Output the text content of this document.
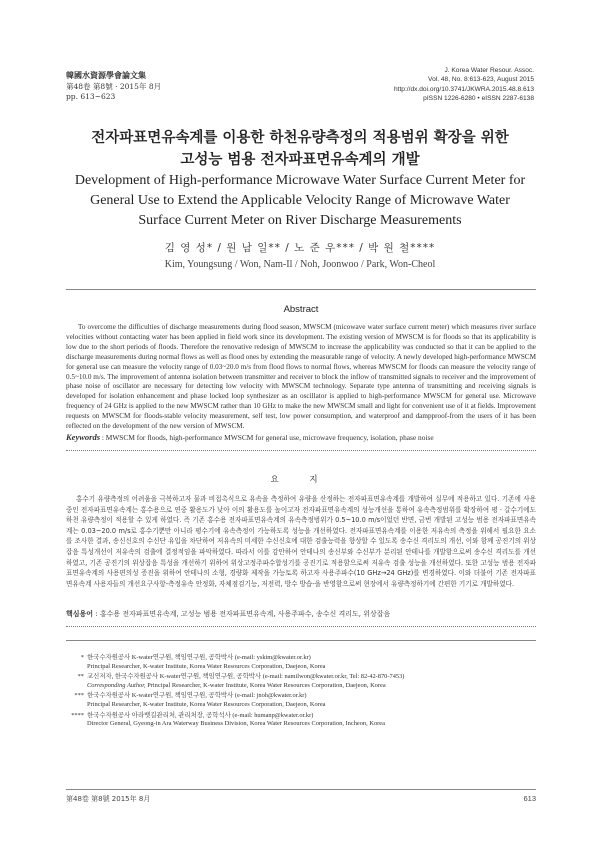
韓國水資源學會論文集
第48卷 第8號 · 2015年 8月
pp. 613~623
J. Korea Water Resour. Assoc.
Vol. 48, No. 8:613-623, August 2015
http://dx.doi.org/10.3741/JKWRA.2015.48.8.613
pISSN 1226-6280 • eISSN 2287-6138
전자파표면유속계를 이용한 하천유량측정의 적용범위 확장을 위한
고성능 범용 전자파표면유속계의 개발
Development of High-performance Microwave Water Surface Current Meter for
General Use to Extend the Applicable Velocity Range of Microwave Water
Surface Current Meter on River Discharge Measurements
김 영 성* / 원 남 일** / 노 준 우*** / 박 원 철****
Kim, Youngsung / Won, Nam-Il / Noh, Joonwoo / Park, Won-Cheol
Abstract

To overcome the difficulties of discharge measurements during flood season, MWSCM (micowave water surface current meter) which measures river surface velocities without contacting water has been applied in field work since its development. The existing version of MWSCM is for floods so that its applicability is low due to the short periods of floods. Therefore the renovative redesign of MWSCM to increase the applicability was conducted so that it can be applied to the discharge measurements during normal flows as well as flood ones by extending the measurable range of velocity. A newly developed high-performance MWSCM for general use can measure the velocity range of 0.03~20.0 m/s from flood flows to normal flows, whereas MWSCM for floods can measure the velocity range of 0.5~10.0 m/s. The improvement of antenna isolation between transmitter and receiver to block the inflow of transmitted signals to receiver and the improvement of phase noise of oscillator are necessary for detecting low velocity with MWSCM technology. Separate type antenna of transmitting and receiving signals is developed for isolation enhancement and phase locked loop synthesizer as an oscillator is applied to high-performance MWSCM for general use. Microwave frequency of 24 GHz is applied to the new MWSCM rather than 10 GHz to make the new MWSCM small and light for convenient use of it at fields. Improvement requests on MWSCM for floods-stable velocity measurement, self test, low power consumption, and waterproof and dampproof-from the users of it has been reflected on the development of the new version of MWSCM.

Keywords : MWSCM for floods, high-performance MWSCM for general use, microwave frequency, isolation, phase noise
요 지

홍수기 유량측정의 어려움을 극복하고자 물과 비접촉식으로 유속을 측정하여 유량을 산정하는 전자파표면유속계를 개발하여 실무에 적용하고 있다. 기존에 사용 중인 전자파표면유속계는 홍수용으로 연중 활용도가 낮아 이의 활용도를 높이고자 전자파표면유속계의 성능개선을 통하여 유속측정범위를 확장하여 평 · 갈수기에도 하천 유량측정이 적용할 수 있게 하였다. 즉 기존 홍수용 전자파표면유속계의 유속측정범위가 0.5~10.0 m/s이었던 반면, 금번 개발된 고성능 범용 전자파표면유속계는 0.03~20.0 m/s로 홍수기뿐만 아니라 평수기에 유속측정이 가능하도록 성능을 개선하였다. 전자파표면유속계를 이용한 저유속의 측정을 위해서 필요한 요소를 조사한 결과, 송신신호의 수신단 유입을 차단하여 저유속의 미세한 수신신호에 대한 검출능력을 향상할 수 있도록 송수신 격리도의 개선, 이와 함께 공진기의 위상잡음 특성개선이 저유속의 검출에 결정적임을 파악하였다. 따라서 이를 감안하여 안테나의 송신부와 수신부가 분리된 안테나를 개발함으로써 송수신 격리도를 개선하였고, 기존 공진기의 위상잡음 특성을 개선하기 위하여 위상고정주파수합성기를 공진기로 적용함으로써 저유속 검출 성능을 개선하였다. 또한 고성능 범용 전자파표면유속계의 사용편의성 증진을 위하여 안테나의 소형, 경량화 제작을 가능토록 하고자 사용주파수(10 GHz→24 GHz)를 변경하였다. 이와 더불어 기존 전자파표면유속계 사용자들의 개선요구사항-측정유속 안정화, 자체점검기능, 저전력, 방수 방습-을 반영함으로써 현장에서 유량측정하기에 간편한 기기로 개발하였다.

핵심용어 : 홍수용 전자파표면유속계, 고성능 범용 전자파표면유속계, 사용주파수, 송수신 격리도, 위상잡음
* 한국수자원공사 K-water연구원, 책임연구원, 공학박사 (e-mail: yskim@kwater.or.kr)
Principal Researcher, K-water Institute, Korea Water Resources Corporation, Daejeon, Korea
** 교신저자, 한국수자원공사 K-water연구원, 책임연구원, 공학박사 (e-mail: namilwon@kwater.or.kr, Tel: 82-42-870-7453)
Corresponding Author, Principal Researcher, K-water Institute, Korea Water Resources Corporation, Daejeon, Korea
*** 한국수자원공사 K-water연구원, 책임연구원, 공학박사 (e-mail: jnoh@kwater.or.kr)
Principal Researcher, K-water Institute, Korea Water Resources Corporation, Daejeon, Korea
**** 한국수자원공사 아라뱃길관리처, 관리처장, 공학석사 (e-mail: humanp@kwater.or.kr)
Director General, Gyeong-in Ara Waterway Business Division, Korea Water Resources Corporation, Incheon, Korea
第48卷 第8號 2015年 8月	613
